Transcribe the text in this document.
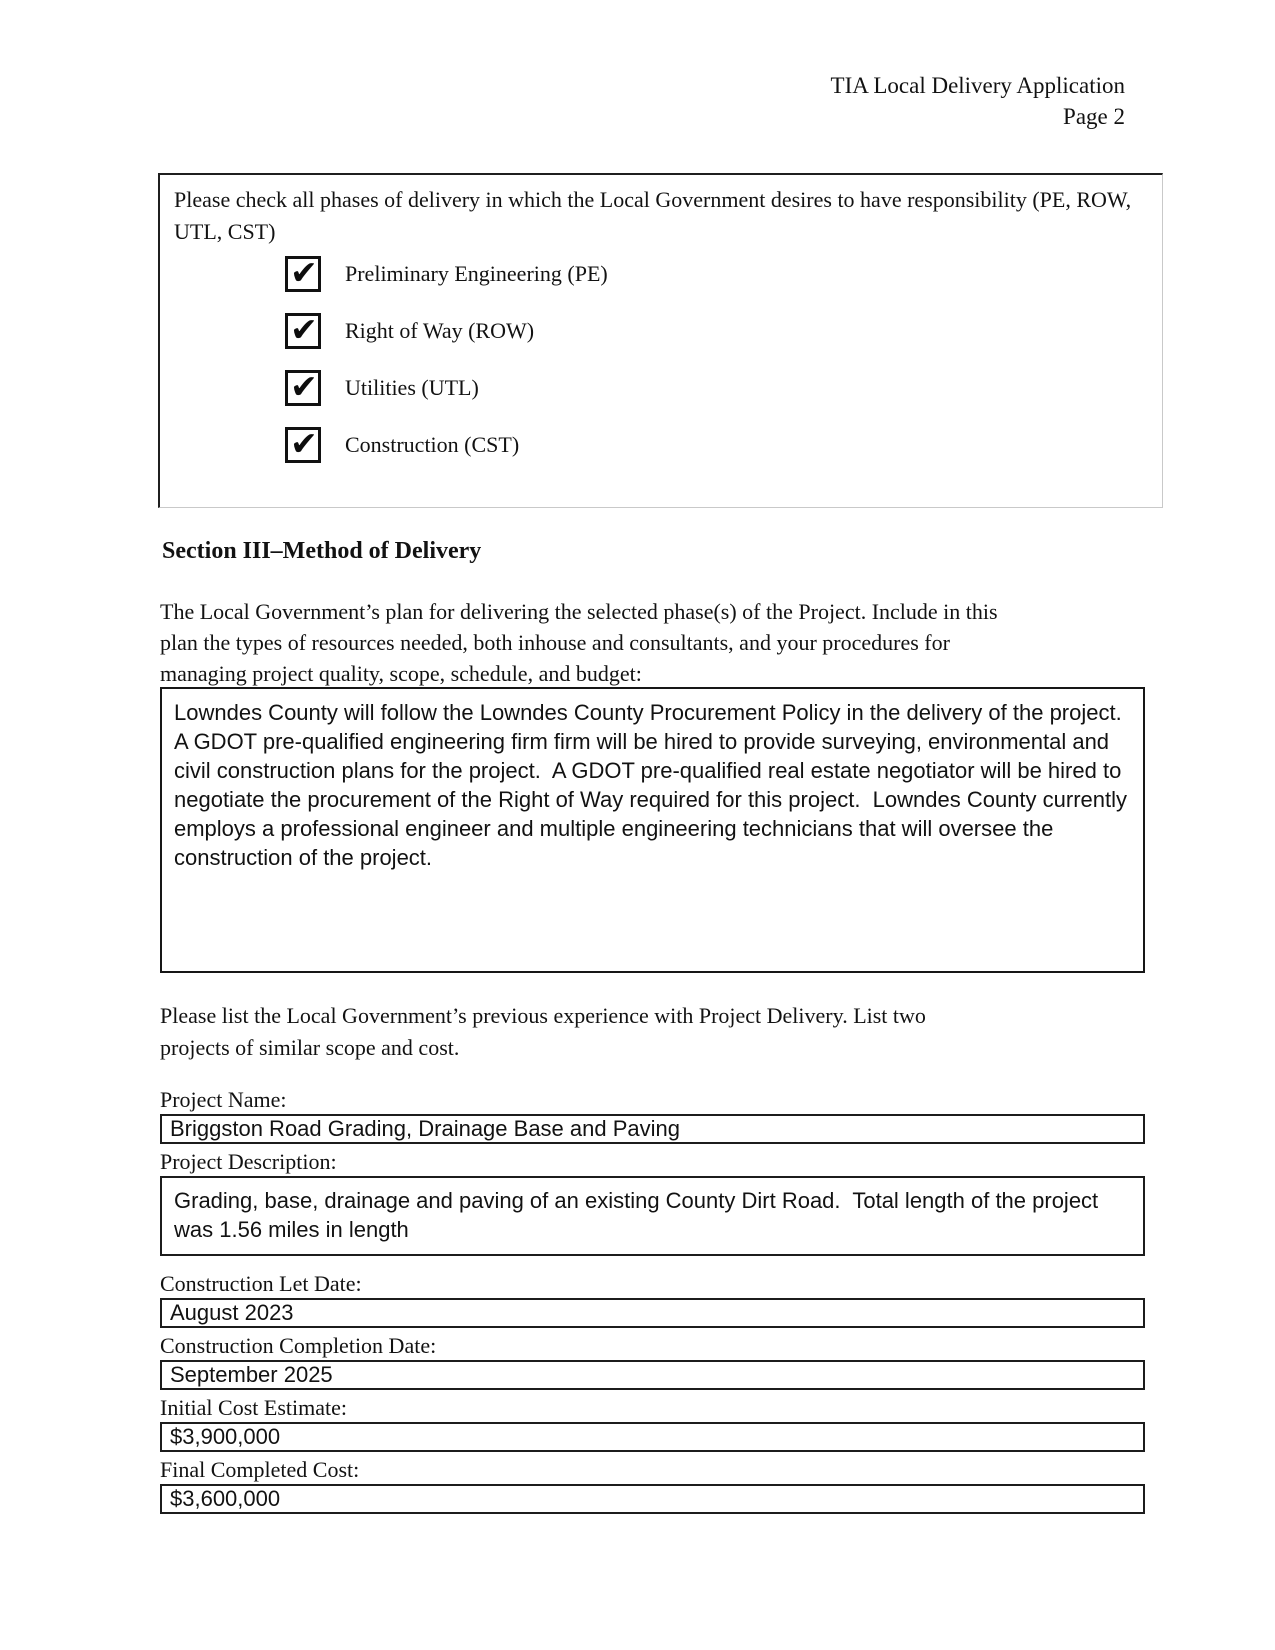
TIA Local Delivery Application
Page 2
Please check all phases of delivery in which the Local Government desires to have responsibility (PE, ROW, UTL, CST)
✔ Preliminary Engineering (PE)
✔ Right of Way (ROW)
✔ Utilities (UTL)
✔ Construction (CST)
Section III–Method of Delivery

The Local Government’s plan for delivering the selected phase(s) of the Project. Include in this plan the types of resources needed, both inhouse and consultants, and your procedures for managing project quality, scope, schedule, and budget:

Lowndes County will follow the Lowndes County Procurement Policy in the delivery of the project.  A GDOT pre-qualified engineering firm firm will be hired to provide surveying, environmental and civil construction plans for the project.  A GDOT pre-qualified real estate negotiator will be hired to negotiate the procurement of the Right of Way required for this project.  Lowndes County currently employs a professional engineer and multiple engineering technicians that will oversee the construction of the project.

Please list the Local Government’s previous experience with Project Delivery. List two projects of similar scope and cost.

Project Name:
Briggston Road Grading, Drainage Base and Paving
Project Description:
Grading, base, drainage and paving of an existing County Dirt Road.  Total length of the project was 1.56 miles in length
Construction Let Date:
August 2023
Construction Completion Date:
September 2025
Initial Cost Estimate:
$3,900,000
Final Completed Cost:
$3,600,000
